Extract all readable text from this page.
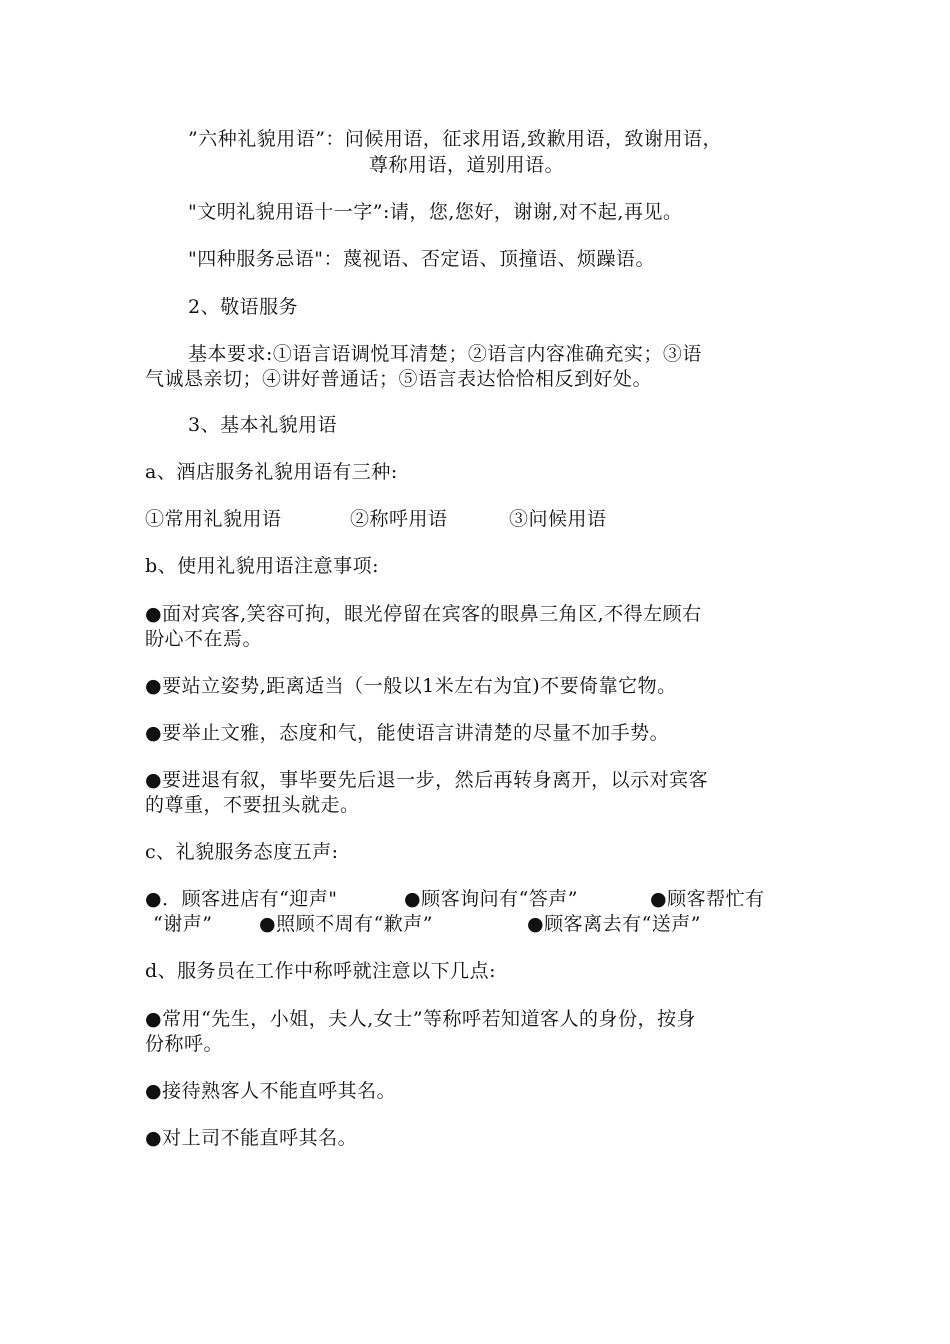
”六种礼貌用语”：问候用语，征求用语,致歉用语，致谢用语，
尊称用语，道别用语。
"文明礼貌用语十一字”:请，您,您好，谢谢,对不起,再见。
"四种服务忌语"：蔑视语、否定语、顶撞语、烦躁语。
2、敬语服务
基本要求:①语言语调悦耳清楚；②语言内容准确充实；③语
气诚恳亲切；④讲好普通话；⑤语言表达恰恰相反到好处。
3、基本礼貌用语
a、酒店服务礼貌用语有三种:
①常用礼貌用语	②称呼用语	③问候用语
b、使用礼貌用语注意事项:
●面对宾客,笑容可拘，眼光停留在宾客的眼鼻三角区,不得左顾右
盼心不在焉。
●要站立姿势,距离适当（一般以1米左右为宜)不要倚靠它物。
●要举止文雅，态度和气，能使语言讲清楚的尽量不加手势。
●要进退有叙，事毕要先后退一步，然后再转身离开，以示对宾客
的尊重，不要扭头就走。
c、礼貌服务态度五声:
●．顾客进店有“迎声"	●顾客询问有“答声”	●顾客帮忙有
“谢声” ●照顾不周有“歉声”	●顾客离去有“送声”
d、服务员在工作中称呼就注意以下几点:
●常用“先生，小姐，夫人,女士”等称呼若知道客人的身份，按身
份称呼。
●接待熟客人不能直呼其名。
●对上司不能直呼其名。
